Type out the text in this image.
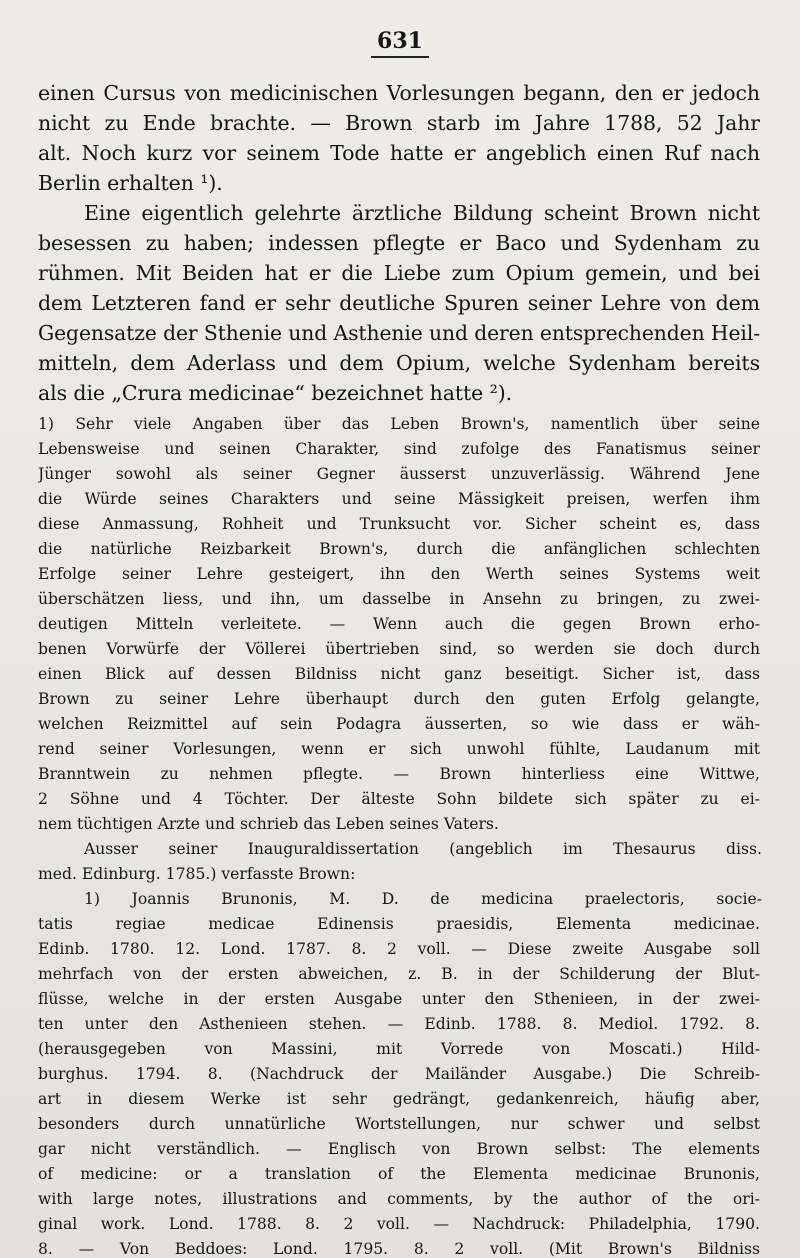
631
einen Cursus von medicinischen Vorlesungen begann, den er jedoch
nicht zu Ende brachte. — Brown starb im Jahre 1788, 52 Jahr
alt. Noch kurz vor seinem Tode hatte er angeblich einen Ruf nach
Berlin erhalten ¹).
Eine eigentlich gelehrte ärztliche Bildung scheint Brown nicht
besessen zu haben; indessen pflegte er Baco und Sydenham zu
rühmen. Mit Beiden hat er die Liebe zum Opium gemein, und bei
dem Letzteren fand er sehr deutliche Spuren seiner Lehre von dem
Gegensatze der Sthenie und Asthenie und deren entsprechenden Heil-
mitteln, dem Aderlass und dem Opium, welche Sydenham bereits
als die „Crura medicinae“ bezeichnet hatte ²).
1) Sehr viele Angaben über das Leben Brown's, namentlich über seine
Lebensweise und seinen Charakter, sind zufolge des Fanatismus seiner
Jünger sowohl als seiner Gegner äusserst unzuverlässig. Während Jene
die Würde seines Charakters und seine Mässigkeit preisen, werfen ihm
diese Anmassung, Rohheit und Trunksucht vor. Sicher scheint es, dass
die natürliche Reizbarkeit Brown's, durch die anfänglichen schlechten
Erfolge seiner Lehre gesteigert, ihn den Werth seines Systems weit
überschätzen liess, und ihn, um dasselbe in Ansehn zu bringen, zu zwei-
deutigen Mitteln verleitete. — Wenn auch die gegen Brown erho-
benen Vorwürfe der Völlerei übertrieben sind, so werden sie doch durch
einen Blick auf dessen Bildniss nicht ganz beseitigt. Sicher ist, dass
Brown zu seiner Lehre überhaupt durch den guten Erfolg gelangte,
welchen Reizmittel auf sein Podagra äusserten, so wie dass er wäh-
rend seiner Vorlesungen, wenn er sich unwohl fühlte, Laudanum mit
Branntwein zu nehmen pflegte. — Brown hinterliess eine Wittwe,
2 Söhne und 4 Töchter. Der älteste Sohn bildete sich später zu ei-
nem tüchtigen Arzte und schrieb das Leben seines Vaters.
Ausser seiner Inauguraldissertation (angeblich im Thesaurus diss.
med. Edinburg. 1785.) verfasste Brown:
1) Joannis Brunonis, M. D. de medicina praelectoris, socie-
tatis regiae medicae Edinensis praesidis, Elementa medicinae.
Edinb. 1780. 12. Lond. 1787. 8. 2 voll. — Diese zweite Ausgabe soll
mehrfach von der ersten abweichen, z. B. in der Schilderung der Blut-
flüsse, welche in der ersten Ausgabe unter den Sthenieen, in der zwei-
ten unter den Asthenieen stehen. — Edinb. 1788. 8. Mediol. 1792. 8.
(herausgegeben von Massini, mit Vorrede von Moscati.) Hild-
burghus. 1794. 8. (Nachdruck der Mailänder Ausgabe.) Die Schreib-
art in diesem Werke ist sehr gedrängt, gedankenreich, häufig aber,
besonders durch unnatürliche Wortstellungen, nur schwer und selbst
gar nicht verständlich. — Englisch von Brown selbst: The elements
of medicine: or a translation of the Elementa medicinae Brunonis,
with large notes, illustrations and comments, by the author of the ori-
ginal work. Lond. 1788. 8. 2 voll. — Nachdruck: Philadelphia, 1790.
8. — Von Beddoes: Lond. 1795. 8. 2 voll. (Mit Brown's Bildniss
